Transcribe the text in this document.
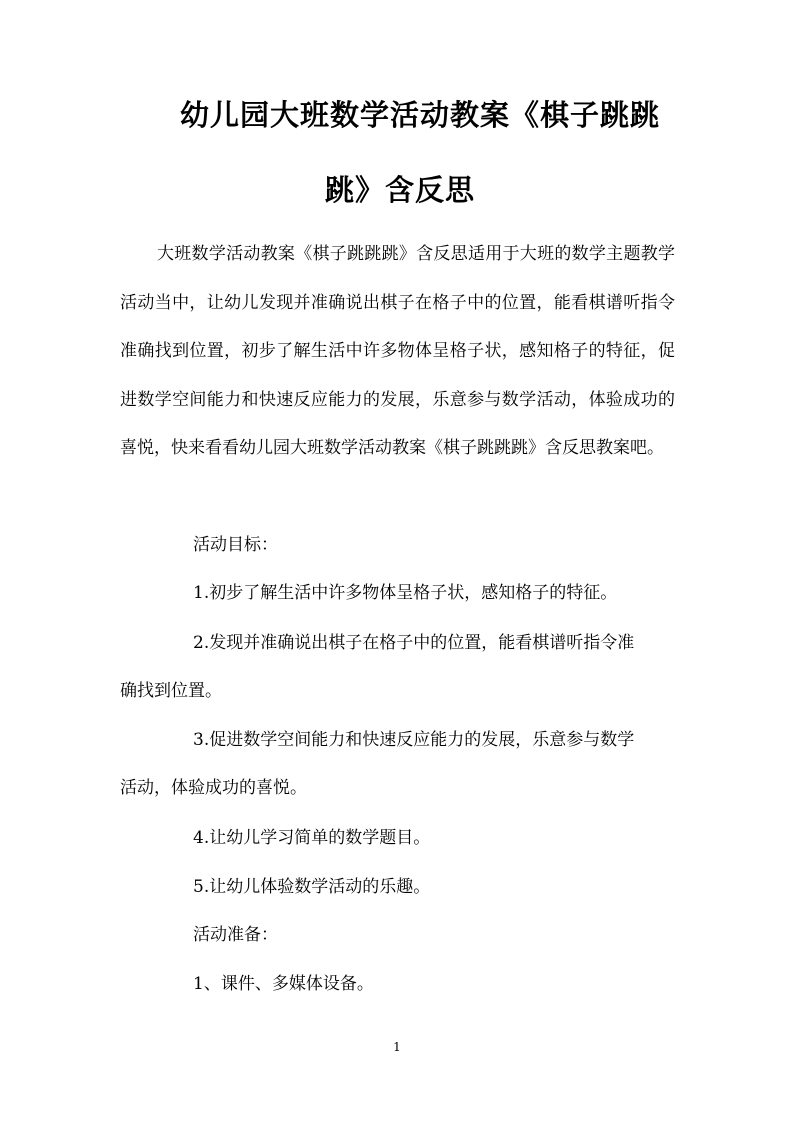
幼儿园大班数学活动教案《棋子跳跳
跳》含反思
大班数学活动教案《棋子跳跳跳》含反思适用于大班的数学主题教学活动当中，让幼儿发现并准确说出棋子在格子中的位置，能看棋谱听指令准确找到位置，初步了解生活中许多物体呈格子状，感知格子的特征，促进数学空间能力和快速反应能力的发展，乐意参与数学活动，体验成功的喜悦，快来看看幼儿园大班数学活动教案《棋子跳跳跳》含反思教案吧。
活动目标：
1.初步了解生活中许多物体呈格子状，感知格子的特征。
2.发现并准确说出棋子在格子中的位置，能看棋谱听指令准
确找到位置。
3.促进数学空间能力和快速反应能力的发展，乐意参与数学
活动，体验成功的喜悦。
4.让幼儿学习简单的数学题目。
5.让幼儿体验数学活动的乐趣。
活动准备：
1、课件、多媒体设备。
1
